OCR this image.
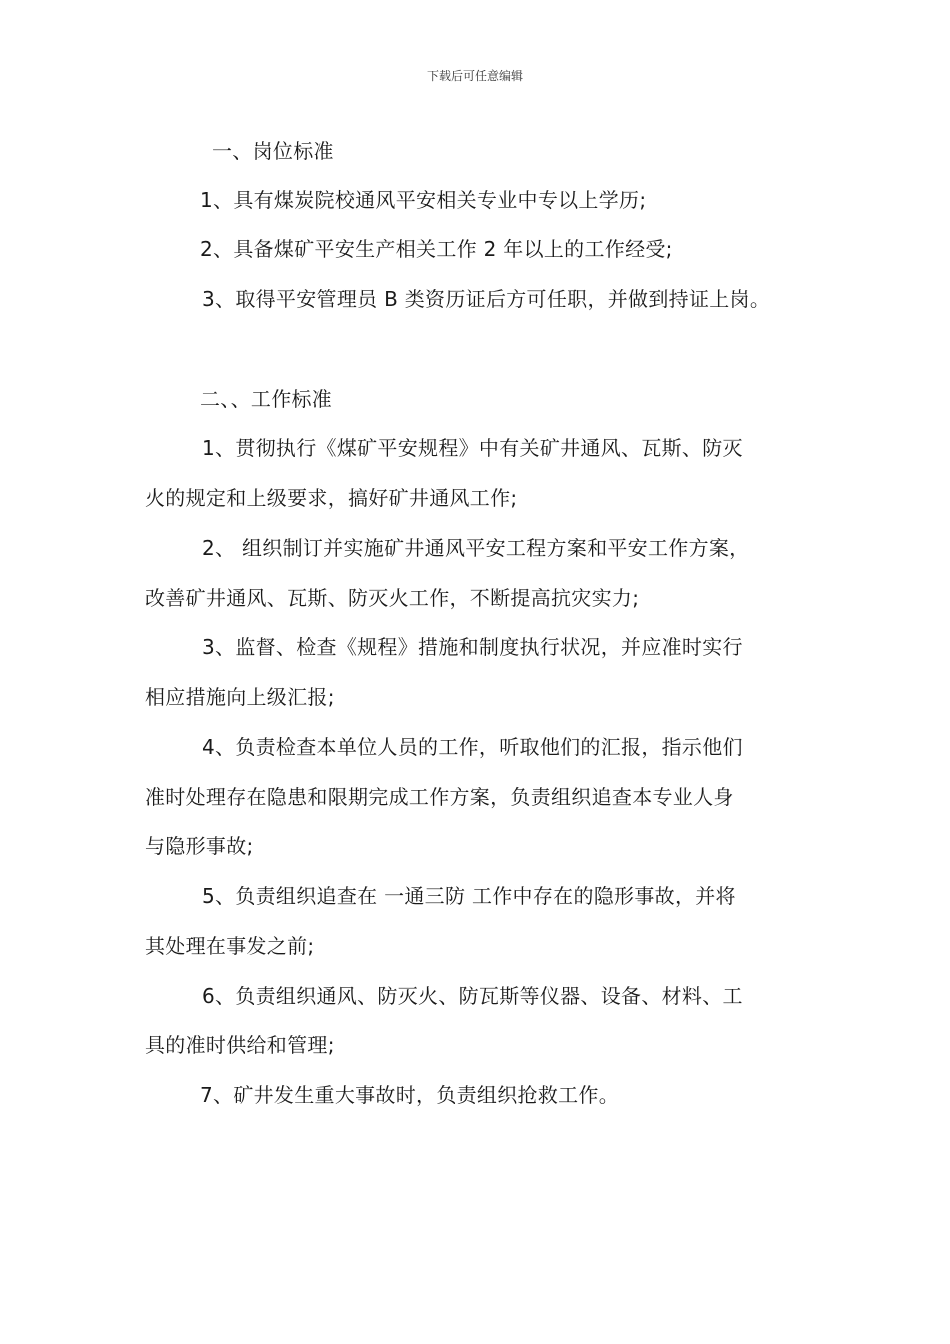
下载后可任意编辑
一、岗位标准
1、具有煤炭院校通风平安相关专业中专以上学历;
2、具备煤矿平安生产相关工作 2 年以上的工作经受;
3、取得平安管理员 B 类资历证后方可任职，并做到持证上岗。
二、、工作标准
1、贯彻执行《煤矿平安规程》中有关矿井通风、瓦斯、防灭
火的规定和上级要求，搞好矿井通风工作;
2、 组织制订并实施矿井通风平安工程方案和平安工作方案，
改善矿井通风、瓦斯、防灭火工作，不断提高抗灾实力;
3、监督、检查《规程》措施和制度执行状况，并应准时实行
相应措施向上级汇报;
4、负责检查本单位人员的工作，听取他们的汇报，指示他们
准时处理存在隐患和限期完成工作方案，负责组织追查本专业人身
与隐形事故;
5、负责组织追查在 一通三防 工作中存在的隐形事故，并将
其处理在事发之前;
6、负责组织通风、防灭火、防瓦斯等仪器、设备、材料、工
具的准时供给和管理;
7、矿井发生重大事故时，负责组织抢救工作。
